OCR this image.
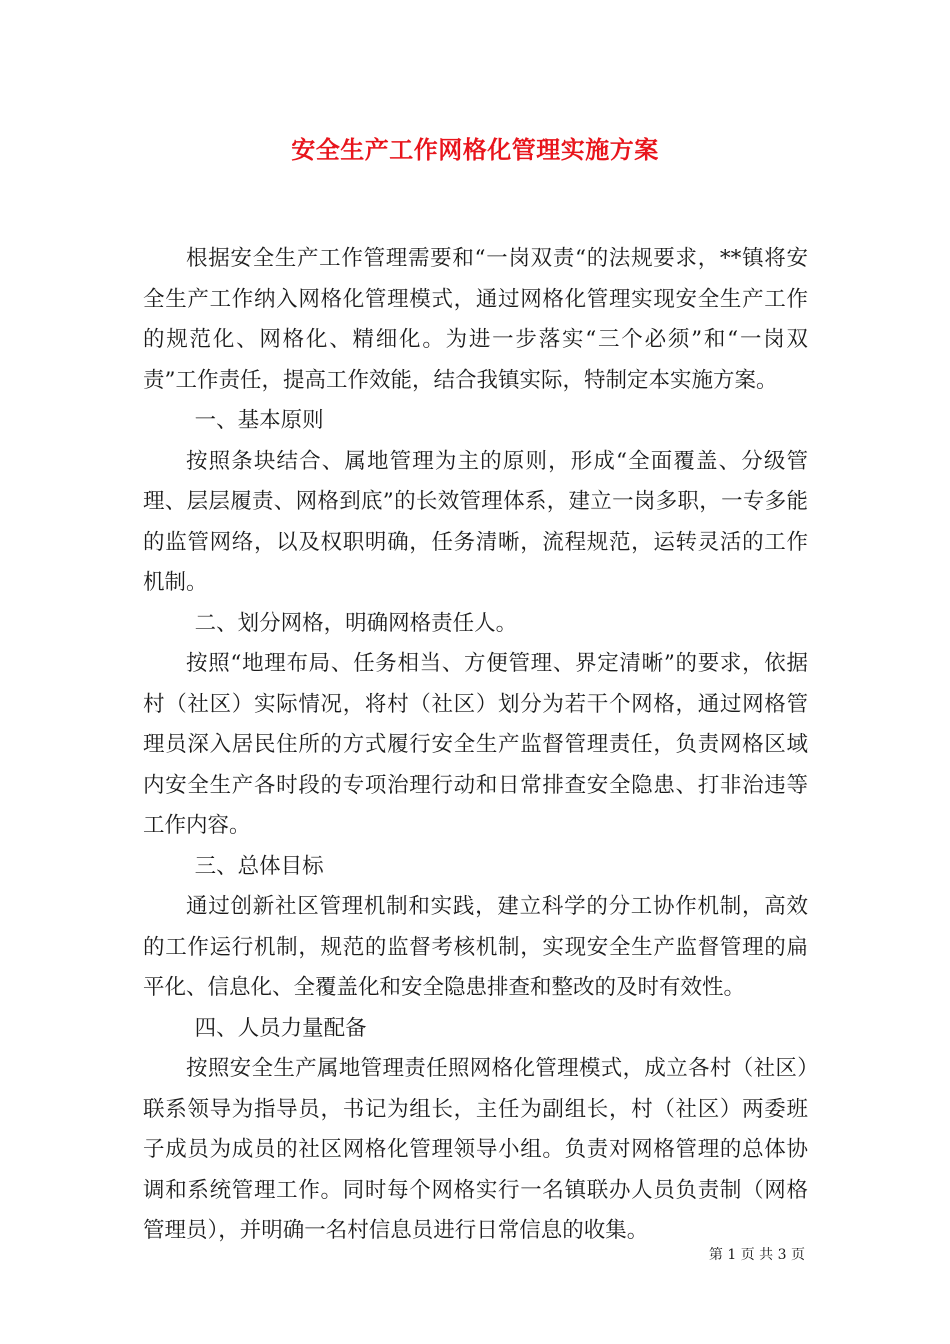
安全生产工作网格化管理实施方案

根据安全生产工作管理需要和“一岗双责“的法规要求，**镇将安全生产工作纳入网格化管理模式，通过网格化管理实现安全生产工作的规范化、网格化、精细化。为进一步落实“三个必须”和“一岗双责”工作责任，提高工作效能，结合我镇实际，特制定本实施方案。

一、基本原则

按照条块结合、属地管理为主的原则，形成“全面覆盖、分级管理、层层履责、网格到底”的长效管理体系，建立一岗多职，一专多能的监管网络，以及权职明确，任务清晰，流程规范，运转灵活的工作机制。

二、划分网格，明确网格责任人。

按照“地理布局、任务相当、方便管理、界定清晰”的要求，依据村（社区）实际情况，将村（社区）划分为若干个网格，通过网格管理员深入居民住所的方式履行安全生产监督管理责任，负责网格区域内安全生产各时段的专项治理行动和日常排查安全隐患、打非治违等工作内容。

三、总体目标

通过创新社区管理机制和实践，建立科学的分工协作机制，高效的工作运行机制，规范的监督考核机制，实现安全生产监督管理的扁平化、信息化、全覆盖化和安全隐患排查和整改的及时有效性。

四、人员力量配备

按照安全生产属地管理责任照网格化管理模式，成立各村（社区）联系领导为指导员，书记为组长，主任为副组长，村（社区）两委班子成员为成员的社区网格化管理领导小组。负责对网格管理的总体协调和系统管理工作。同时每个网格实行一名镇联办人员负责制（网格管理员），并明确一名村信息员进行日常信息的收集。

第 1 页 共 3 页
